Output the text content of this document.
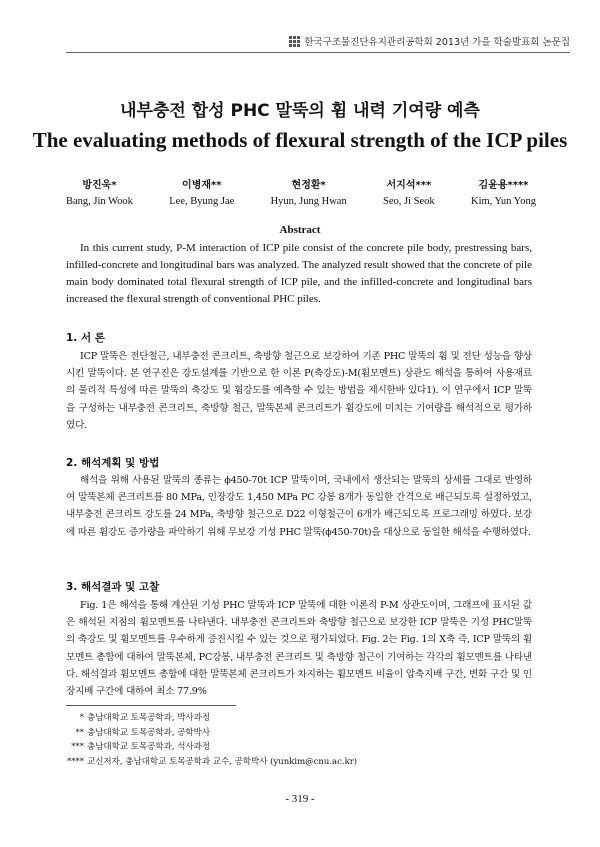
한국구조물진단유지관리공학회 2013년 가을 학술발표회 논문집
내부충전 합성 PHC 말뚝의 휨 내력 기여량 예측
The evaluating methods of flexural strength of the ICP piles
방진욱*
Bang, Jin Wook
이병재**
Lee, Byung Jae
현정환*
Hyun, Jung Hwan
서지석***
Seo, Ji Seok
김윤용****
Kim, Yun Yong
Abstract

In this current study, P-M interaction of ICP pile consist of the concrete pile body, prestressing bars, infilled-concrete and longitudinal bars was analyzed. The analyzed result showed that the concrete of pile main body dominated total flexural strength of ICP pile, and the infilled-concrete and longitudinal bars increased the flexural strength of conventional PHC piles.

1. 서 론

ICP 말뚝은 전단철근, 내부충전 콘크리트, 축방향 철근으로 보강하여 기존 PHC 말뚝의 휨 및 전단 성능을 향상시킨 말뚝이다. 본 연구진은 강도설계를 기반으로 한 이론 P(축강도)-M(휨모멘트) 상관도 해석을 통하여 사용재료의 물리적 특성에 따른 말뚝의 축강도 및 휨강도를 예측할 수 있는 방법을 제시한바 있다1). 이 연구에서 ICP 말뚝을 구성하는 내부충전 콘크리트, 축방향 철근, 말뚝본체 콘크리트가 휨강도에 미치는 기여량을 해석적으로 평가하였다.

2. 해석계획 및 방법

해석을 위해 사용된 말뚝의 종류는 ϕ450-70t ICP 말뚝이며, 국내에서 생산되는 말뚝의 상세를 그대로 반영하여 말뚝본체 콘크리트를 80 MPa, 인장강도 1,450 MPa PC 강봉 8개가 동일한 간격으로 배근되도록 설정하였고, 내부충전 콘크리트 강도를 24 MPa, 축방향 철근으로 D22 이형철근이 6개가 배근되도록 프로그래밍 하였다. 보강에 따른 휨강도 증가량을 파악하기 위해 무보강 기성 PHC 말뚝(ϕ450-70t)을 대상으로 동일한 해석을 수행하였다.

3. 해석결과 및 고찰

Fig. 1은 해석을 통해 계산된 기성 PHC 말뚝과 ICP 말뚝에 대한 이론적 P-M 상관도이며, 그래프에 표시된 값은 해석된 지점의 휨모멘트를 나타낸다. 내부충전 콘크리트와 축방향 철근으로 보강한 ICP 말뚝은 기성 PHC말뚝의 축강도 및 휨모멘트를 우수하게 증진시킬 수 있는 것으로 평가되었다. Fig. 2는 Fig. 1의 X축 즉, ICP 말뚝의 휨모멘트 총합에 대하여 말뚝본체, PC강봉, 내부충전 콘크리트 및 축방향 철근이 기여하는 각각의 휨모멘트를 나타낸다. 해석결과 휨모멘트 총합에 대한 말뚝본체 콘크리트가 차지하는 휨모멘트 비율이 압축지배 구간, 변화 구간 및 인장지배 구간에 대하여 최소 77.9%

* 충남대학교 토목공학과, 박사과정
** 충남대학교 토목공학과, 공학박사
*** 충남대학교 토목공학과, 석사과정
**** 교신저자, 충남대학교 토목공학과 교수, 공학박사 (yunkim@cnu.ac.kr)
- 319 -
